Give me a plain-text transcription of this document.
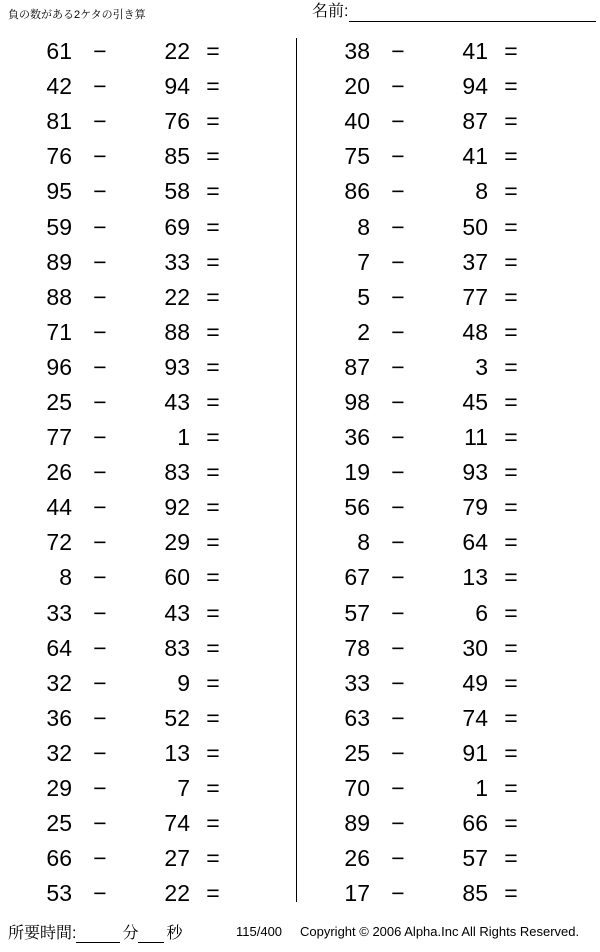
負の数がある2ケタの引き算	名前:
61 −	22 =
42 −	94 =
81 −	76 =
76 −	85 =
95 −	58 =
59 −	69 =
89 −	33 =
88 −	22 =
71 −	88 =
96 −	93 =
25 −	43 =
77 −	1 =
26 −	83 =
44 −	92 =
72 −	29 =
8 −	60 =
33 −	43 =
64 −	83 =
32 −	9 =
36 −	52 =
32 −	13 =
29 −	7 =
25 −	74 =
66 −	27 =
53 −	22 =
38 −	41 =
20 −	94 =
40 −	87 =
75 −	41 =
86 −	8 =
8 −	50 =
7 −	37 =
5 −	77 =
2 −	48 =
87 −	3 =
98 −	45 =
36 −	11 =
19 −	93 =
56 −	79 =
8 −	64 =
67 −	13 =
57 −	6 =
78 −	30 =
33 −	49 =
63 −	74 =
25 −	91 =
70 −	1 =
89 −	66 =
26 −	57 =
17 −	85 =
所要時間:	分 秒	115/400 Copyright © 2006 Alpha.Inc All Rights Reserved.
